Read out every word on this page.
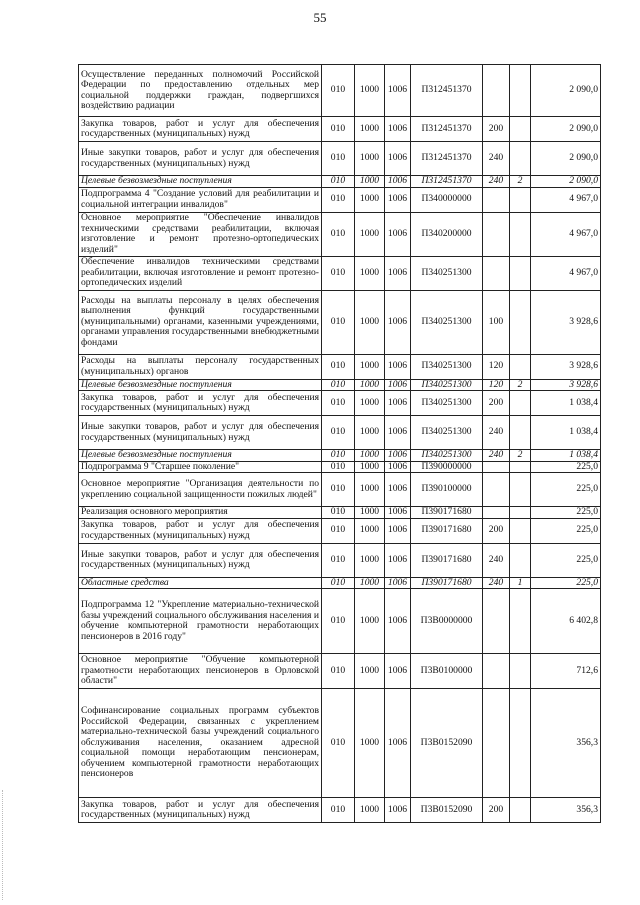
55
Осуществление переданных полномочий Российской Федерации по предоставлению отдельных мер социальной поддержки граждан, подвергшихся воздействию радиации	010	1000	1006	П312451370			2 090,0
Закупка товаров, работ и услуг для обеспечения государственных (муниципальных) нужд	010	1000	1006	П312451370	200		2 090,0
Иные закупки товаров, работ и услуг для обеспечения государственных (муниципальных) нужд	010	1000	1006	П312451370	240		2 090,0
Целевые безвозмездные поступления	010	1000	1006	П312451370	240	2	2 090,0
Подпрограмма 4 "Создание условий для реабилитации и социальной интеграции инвалидов"	010	1000	1006	П340000000			4 967,0
Основное мероприятие "Обеспечение инвалидов техническими средствами реабилитации, включая изготовление и ремонт протезно-ортопедических изделий"	010	1000	1006	П340200000			4 967,0
Обеспечение инвалидов техническими средствами реабилитации, включая изготовление и ремонт протезно-ортопедических изделий	010	1000	1006	П340251300			4 967,0
Расходы на выплаты персоналу в целях обеспечения выполнения функций государственными (муниципальными) органами, казенными учреждениями, органами управления государственными внебюджетными фондами	010	1000	1006	П340251300	100		3 928,6
Расходы на выплаты персоналу государственных (муниципальных) органов	010	1000	1006	П340251300	120		3 928,6
Целевые безвозмездные поступления	010	1000	1006	П340251300	120	2	3 928,6
Закупка товаров, работ и услуг для обеспечения государственных (муниципальных) нужд	010	1000	1006	П340251300	200		1 038,4
Иные закупки товаров, работ и услуг для обеспечения государственных (муниципальных) нужд	010	1000	1006	П340251300	240		1 038,4
Целевые безвозмездные поступления	010	1000	1006	П340251300	240	2	1 038,4
Подпрограмма 9 "Старшее поколение"	010	1000	1006	П390000000			225,0
Основное мероприятие "Организация деятельности по укреплению социальной защищенности пожилых людей"	010	1000	1006	П390100000			225,0
Реализация основного мероприятия	010	1000	1006	П390171680			225,0
Закупка товаров, работ и услуг для обеспечения государственных (муниципальных) нужд	010	1000	1006	П390171680	200		225,0
Иные закупки товаров, работ и услуг для обеспечения государственных (муниципальных) нужд	010	1000	1006	П390171680	240		225,0
Областные средства	010	1000	1006	П390171680	240	1	225,0
Подпрограмма 12 "Укрепление материально-технической базы учреждений социального обслуживания населения и обучение компьютерной грамотности неработающих пенсионеров в 2016 году"	010	1000	1006	П3В0000000			6 402,8
Основное мероприятие "Обучение компьютерной грамотности неработающих пенсионеров в Орловской области"	010	1000	1006	П3В0100000			712,6
Софинансирование социальных программ субъектов Российской Федерации, связанных с укреплением материально-технической базы учреждений социального обслуживания населения, оказанием адресной социальной помощи неработающим пенсионерам, обучением компьютерной грамотности неработающих пенсионеров	010	1000	1006	П3В0152090			356,3
Закупка товаров, работ и услуг для обеспечения государственных (муниципальных) нужд	010	1000	1006	П3В0152090	200		356,3
